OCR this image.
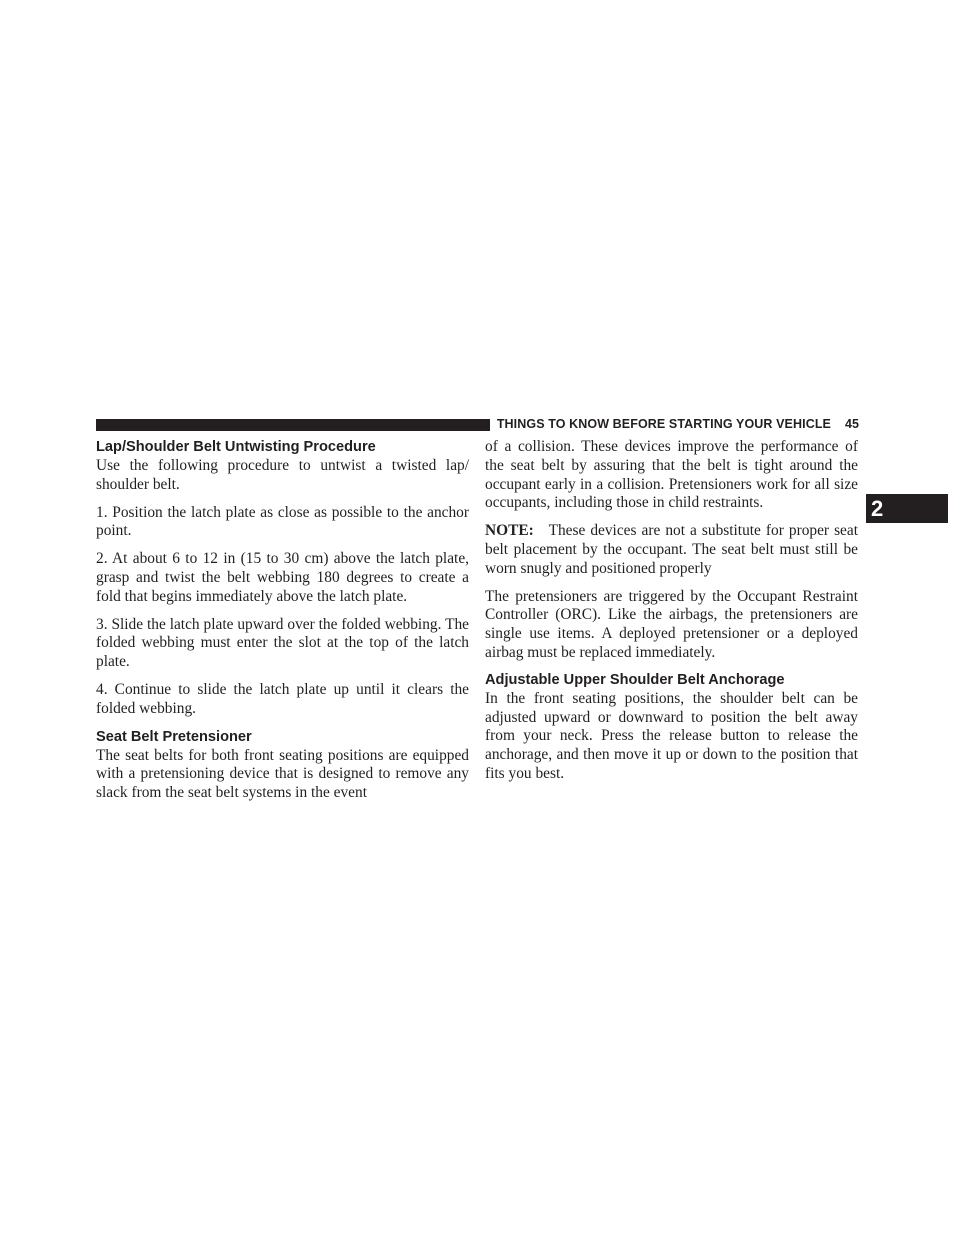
THINGS TO KNOW BEFORE STARTING YOUR VEHICLE 45
2
Lap/Shoulder Belt Untwisting Procedure

Use the following procedure to untwist a twisted lap/ shoulder belt.

1. Position the latch plate as close as possible to the anchor point.

2. At about 6 to 12 in (15 to 30 cm) above the latch plate, grasp and twist the belt webbing 180 degrees to create a fold that begins immediately above the latch plate.

3. Slide the latch plate upward over the folded webbing. The folded webbing must enter the slot at the top of the latch plate.

4. Continue to slide the latch plate up until it clears the folded webbing.

Seat Belt Pretensioner

The seat belts for both front seating positions are equipped with a pretensioning device that is designed to remove any slack from the seat belt systems in the event

of a collision. These devices improve the performance of the seat belt by assuring that the belt is tight around the occupant early in a collision. Pretensioners work for all size occupants, including those in child restraints.

NOTE: These devices are not a substitute for proper seat belt placement by the occupant. The seat belt must still be worn snugly and positioned properly

The pretensioners are triggered by the Occupant Restraint Controller (ORC). Like the airbags, the pretensioners are single use items. A deployed pretensioner or a deployed airbag must be replaced immediately.

Adjustable Upper Shoulder Belt Anchorage

In the front seating positions, the shoulder belt can be adjusted upward or downward to position the belt away from your neck. Press the release button to release the anchorage, and then move it up or down to the position that fits you best.
